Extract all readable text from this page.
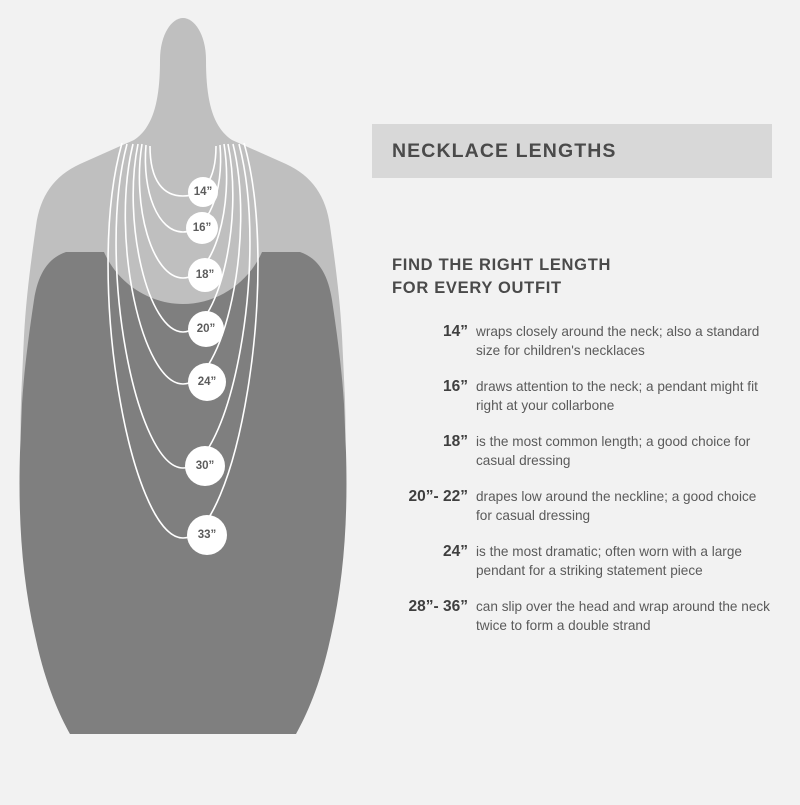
14”
16”
18”
20”
24”
30”
33”
NECKLACE LENGTHS
FIND THE RIGHT LENGTH
FOR EVERY OUTFIT
14” wraps closely around the neck; also a standard size for children's necklaces
16” draws attention to the neck; a pendant might fit right at your collarbone
18” is the most common length; a good choice for casual dressing
20”- 22” drapes low around the neckline; a good choice for casual dressing
24” is the most dramatic; often worn with a large pendant for a striking statement piece
28”- 36” can slip over the head and wrap around the neck twice to form a double strand
